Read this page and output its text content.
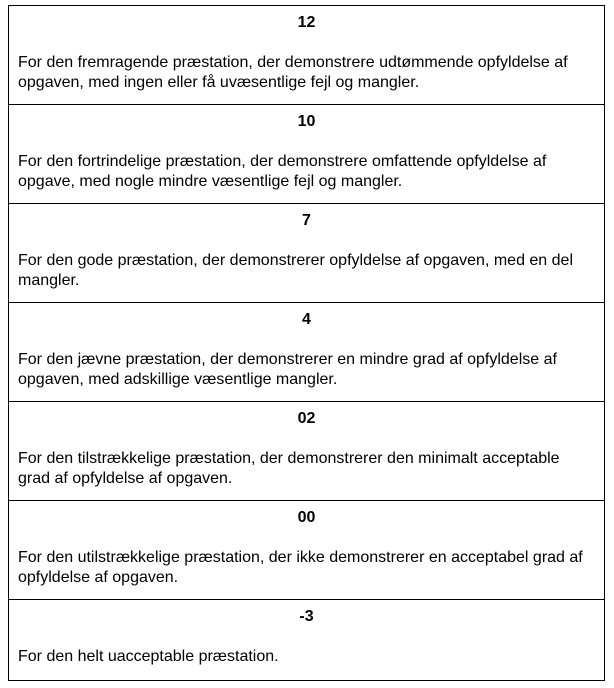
12
For den fremragende præstation, der demonstrere udtømmende opfyldelse af opgaven, med ingen eller få uvæsentlige fejl og mangler.

10
For den fortrindelige præstation, der demonstrere omfattende opfyldelse af opgave, med nogle mindre væsentlige fejl og mangler.

7
For den gode præstation, der demonstrerer opfyldelse af opgaven, med en del mangler.

4
For den jævne præstation, der demonstrerer en mindre grad af opfyldelse af opgaven, med adskillige væsentlige mangler.

02
For den tilstrækkelige præstation, der demonstrerer den minimalt acceptable grad af opfyldelse af opgaven.

00
For den utilstrækkelige præstation, der ikke demonstrerer en acceptabel grad af opfyldelse af opgaven.

-3
For den helt uacceptable præstation.
